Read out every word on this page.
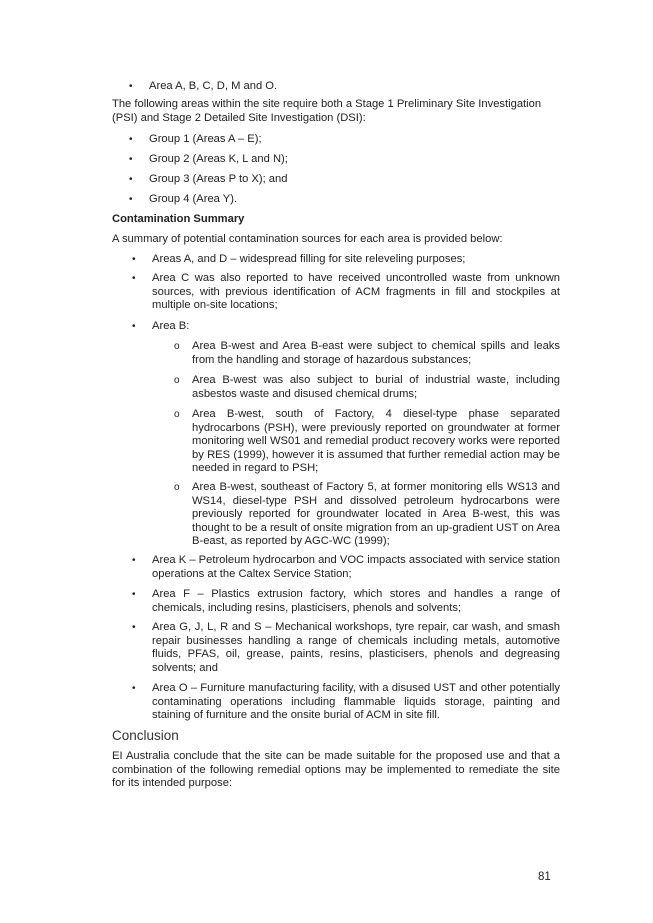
• Area A, B, C, D, M and O.

The following areas within the site require both a Stage 1 Preliminary Site Investigation (PSI) and Stage 2 Detailed Site Investigation (DSI):

• Group 1 (Areas A – E);
• Group 2 (Areas K, L and N);
• Group 3 (Areas P to X); and
• Group 4 (Area Y).

Contamination Summary

A summary of potential contamination sources for each area is provided below:

• Areas A, and D – widespread filling for site releveling purposes;
• Area C was also reported to have received uncontrolled waste from unknown sources, with previous identification of ACM fragments in fill and stockpiles at multiple on-site locations;
• Area B:
o Area B-west and Area B-east were subject to chemical spills and leaks from the handling and storage of hazardous substances;
o Area B-west was also subject to burial of industrial waste, including asbestos waste and disused chemical drums;
o Area B-west, south of Factory, 4 diesel-type phase separated hydrocarbons (PSH), were previously reported on groundwater at former monitoring well WS01 and remedial product recovery works were reported by RES (1999), however it is assumed that further remedial action may be needed in regard to PSH;
o Area B-west, southeast of Factory 5, at former monitoring ells WS13 and WS14, diesel-type PSH and dissolved petroleum hydrocarbons were previously reported for groundwater located in Area B-west, this was thought to be a result of onsite migration from an up-gradient UST on Area B-east, as reported by AGC-WC (1999);
• Area K – Petroleum hydrocarbon and VOC impacts associated with service station operations at the Caltex Service Station;
• Area F – Plastics extrusion factory, which stores and handles a range of chemicals, including resins, plasticisers, phenols and solvents;
• Area G, J, L, R and S – Mechanical workshops, tyre repair, car wash, and smash repair businesses handling a range of chemicals including metals, automotive fluids, PFAS, oil, grease, paints, resins, plasticisers, phenols and degreasing solvents; and
• Area O – Furniture manufacturing facility, with a disused UST and other potentially contaminating operations including flammable liquids storage, painting and staining of furniture and the onsite burial of ACM in site fill.

Conclusion

EI Australia conclude that the site can be made suitable for the proposed use and that a combination of the following remedial options may be implemented to remediate the site for its intended purpose:

81
